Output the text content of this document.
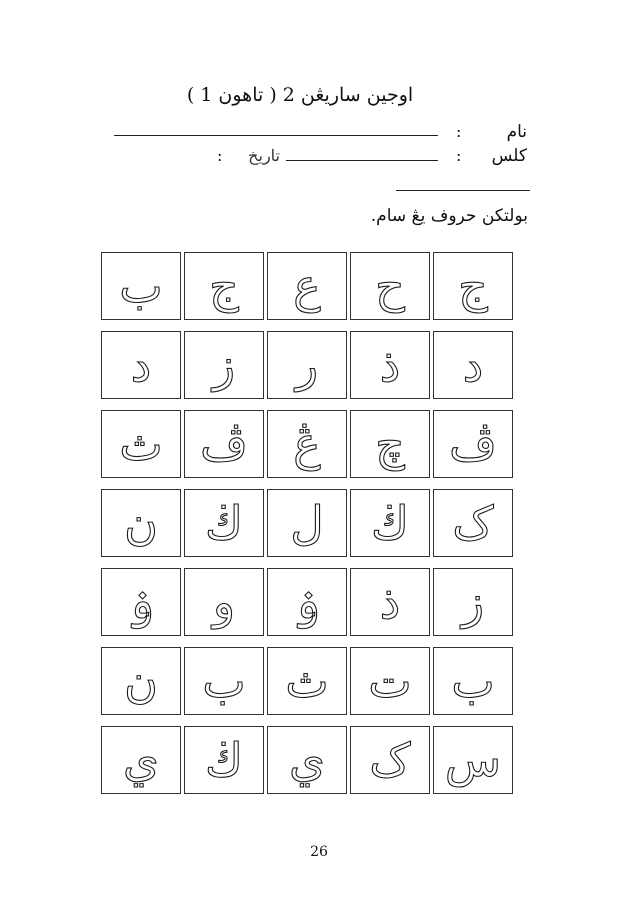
اوجين ساريڠن 2 ( تاهون 1 )
نام
:
كلس
:
تاريخ
:
بولتكن حروف يڠ سام.
ج
ح
ع
ج
ب
د
ذ
ر
ز
د
ڤ
چ
ڠ
ڤ
ث
ک
ڬ
ل
ڬ
ن
ز
ذ
ۏ
و
ۏ
ب
ت
ث
ب
ن
س
ک
ي
ڬ
ي
26
